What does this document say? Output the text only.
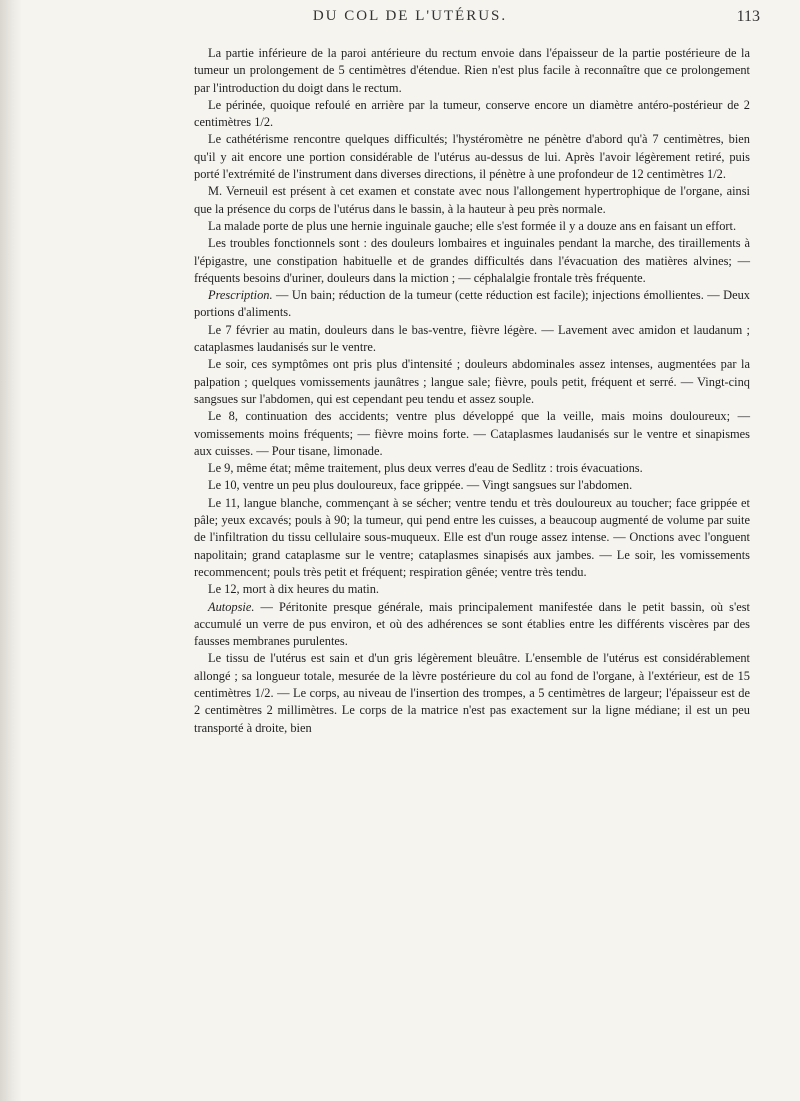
DU COL DE L'UTÉRUS.	113

La partie inférieure de la paroi antérieure du rectum envoie dans l'épaisseur de la partie postérieure de la tumeur un prolongement de 5 centimètres d'étendue. Rien n'est plus facile à reconnaître que ce prolongement par l'introduction du doigt dans le rectum.

Le périnée, quoique refoulé en arrière par la tumeur, conserve encore un diamètre antéro-postérieur de 2 centimètres 1/2.

Le cathétérisme rencontre quelques difficultés; l'hystéromètre ne pénètre d'abord qu'à 7 centimètres, bien qu'il y ait encore une portion considérable de l'utérus au-dessus de lui. Après l'avoir légèrement retiré, puis porté l'extrémité de l'instrument dans diverses directions, il pénètre à une profondeur de 12 centimètres 1/2.

M. Verneuil est présent à cet examen et constate avec nous l'allongement hypertrophique de l'organe, ainsi que la présence du corps de l'utérus dans le bassin, à la hauteur à peu près normale.

La malade porte de plus une hernie inguinale gauche; elle s'est formée il y a douze ans en faisant un effort.

Les troubles fonctionnels sont : des douleurs lombaires et inguinales pendant la marche, des tiraillements à l'épigastre, une constipation habituelle et de grandes difficultés dans l'évacuation des matières alvines; — fréquents besoins d'uriner, douleurs dans la miction ; — céphalalgie frontale très fréquente.

Prescription. — Un bain; réduction de la tumeur (cette réduction est facile); injections émollientes. — Deux portions d'aliments.

Le 7 février au matin, douleurs dans le bas-ventre, fièvre légère. — Lavement avec amidon et laudanum ; cataplasmes laudanisés sur le ventre.

Le soir, ces symptômes ont pris plus d'intensité ; douleurs abdominales assez intenses, augmentées par la palpation ; quelques vomissements jaunâtres ; langue sale; fièvre, pouls petit, fréquent et serré. — Vingt-cinq sangsues sur l'abdomen, qui est cependant peu tendu et assez souple.

Le 8, continuation des accidents; ventre plus développé que la veille, mais moins douloureux; — vomissements moins fréquents; — fièvre moins forte. — Cataplasmes laudanisés sur le ventre et sinapismes aux cuisses. — Pour tisane, limonade.

Le 9, même état; même traitement, plus deux verres d'eau de Sedlitz : trois évacuations.

Le 10, ventre un peu plus douloureux, face grippée. — Vingt sangsues sur l'abdomen.

Le 11, langue blanche, commençant à se sécher; ventre tendu et très douloureux au toucher; face grippée et pâle; yeux excavés; pouls à 90; la tumeur, qui pend entre les cuisses, a beaucoup augmenté de volume par suite de l'infiltration du tissu cellulaire sous-muqueux. Elle est d'un rouge assez intense. — Onctions avec l'onguent napolitain; grand cataplasme sur le ventre; cataplasmes sinapisés aux jambes. — Le soir, les vomissements recommencent; pouls très petit et fréquent; respiration gênée; ventre très tendu.

Le 12, mort à dix heures du matin.

Autopsie. — Péritonite presque générale, mais principalement manifestée dans le petit bassin, où s'est accumulé un verre de pus environ, et où des adhérences se sont établies entre les différents viscères par des fausses membranes purulentes.

Le tissu de l'utérus est sain et d'un gris légèrement bleuâtre. L'ensemble de l'utérus est considérablement allongé ; sa longueur totale, mesurée de la lèvre postérieure du col au fond de l'organe, à l'extérieur, est de 15 centimètres 1/2. — Le corps, au niveau de l'insertion des trompes, a 5 centimètres de largeur; l'épaisseur est de 2 centimètres 2 millimètres. Le corps de la matrice n'est pas exactement sur la ligne médiane; il est un peu transporté à droite, bien
